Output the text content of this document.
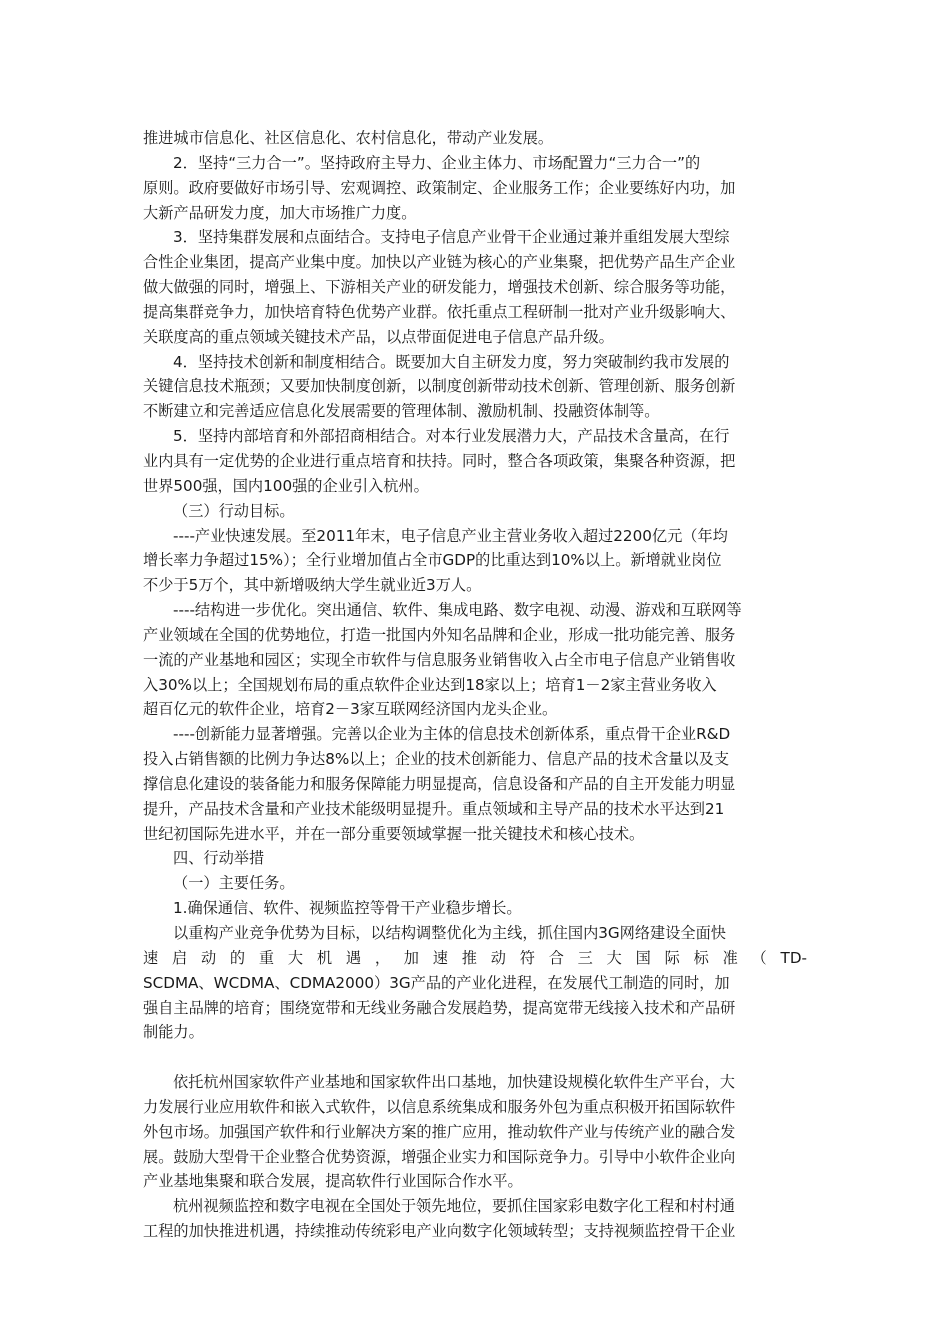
推进城市信息化、社区信息化、农村信息化，带动产业发展。
2．坚持“三力合一”。坚持政府主导力、企业主体力、市场配置力“三力合一”的
原则。政府要做好市场引导、宏观调控、政策制定、企业服务工作；企业要练好内功，加
大新产品研发力度，加大市场推广力度。
3．坚持集群发展和点面结合。支持电子信息产业骨干企业通过兼并重组发展大型综
合性企业集团，提高产业集中度。加快以产业链为核心的产业集聚，把优势产品生产企业
做大做强的同时，增强上、下游相关产业的研发能力，增强技术创新、综合服务等功能，
提高集群竞争力，加快培育特色优势产业群。依托重点工程研制一批对产业升级影响大、
关联度高的重点领域关键技术产品，以点带面促进电子信息产品升级。
4．坚持技术创新和制度相结合。既要加大自主研发力度，努力突破制约我市发展的
关键信息技术瓶颈；又要加快制度创新，以制度创新带动技术创新、管理创新、服务创新
不断建立和完善适应信息化发展需要的管理体制、激励机制、投融资体制等。
5．坚持内部培育和外部招商相结合。对本行业发展潜力大，产品技术含量高，在行
业内具有一定优势的企业进行重点培育和扶持。同时，整合各项政策，集聚各种资源，把
世界500强，国内100强的企业引入杭州。
（三）行动目标。
----产业快速发展。至2011年末，电子信息产业主营业务收入超过2200亿元（年均
增长率力争超过15%）；全行业增加值占全市GDP的比重达到10%以上。新增就业岗位
不少于5万个，其中新增吸纳大学生就业近3万人。
----结构进一步优化。突出通信、软件、集成电路、数字电视、动漫、游戏和互联网等
产业领域在全国的优势地位，打造一批国内外知名品牌和企业，形成一批功能完善、服务
一流的产业基地和园区；实现全市软件与信息服务业销售收入占全市电子信息产业销售收
入30%以上；全国规划布局的重点软件企业达到18家以上；培育1－2家主营业务收入
超百亿元的软件企业，培育2－3家互联网经济国内龙头企业。
----创新能力显著增强。完善以企业为主体的信息技术创新体系，重点骨干企业R&D
投入占销售额的比例力争达8%以上；企业的技术创新能力、信息产品的技术含量以及支
撑信息化建设的装备能力和服务保障能力明显提高，信息设备和产品的自主开发能力明显
提升，产品技术含量和产业技术能级明显提升。重点领域和主导产品的技术水平达到21
世纪初国际先进水平，并在一部分重要领域掌握一批关键技术和核心技术。
四、行动举措
（一）主要任务。
1.确保通信、软件、视频监控等骨干产业稳步增长。
以重构产业竞争优势为目标，以结构调整优化为主线，抓住国内3G网络建设全面快
速 启 动 的 重 大 机 遇 ， 加 速 推 动 符 合 三 大 国 际 标 准 （ TD-
SCDMA、WCDMA、CDMA2000）3G产品的产业化进程，在发展代工制造的同时，加
强自主品牌的培育；围绕宽带和无线业务融合发展趋势，提高宽带无线接入技术和产品研
制能力。
依托杭州国家软件产业基地和国家软件出口基地，加快建设规模化软件生产平台，大
力发展行业应用软件和嵌入式软件，以信息系统集成和服务外包为重点积极开拓国际软件
外包市场。加强国产软件和行业解决方案的推广应用，推动软件产业与传统产业的融合发
展。鼓励大型骨干企业整合优势资源，增强企业实力和国际竞争力。引导中小软件企业向
产业基地集聚和联合发展，提高软件行业国际合作水平。
杭州视频监控和数字电视在全国处于领先地位，要抓住国家彩电数字化工程和村村通
工程的加快推进机遇，持续推动传统彩电产业向数字化领域转型；支持视频监控骨干企业
